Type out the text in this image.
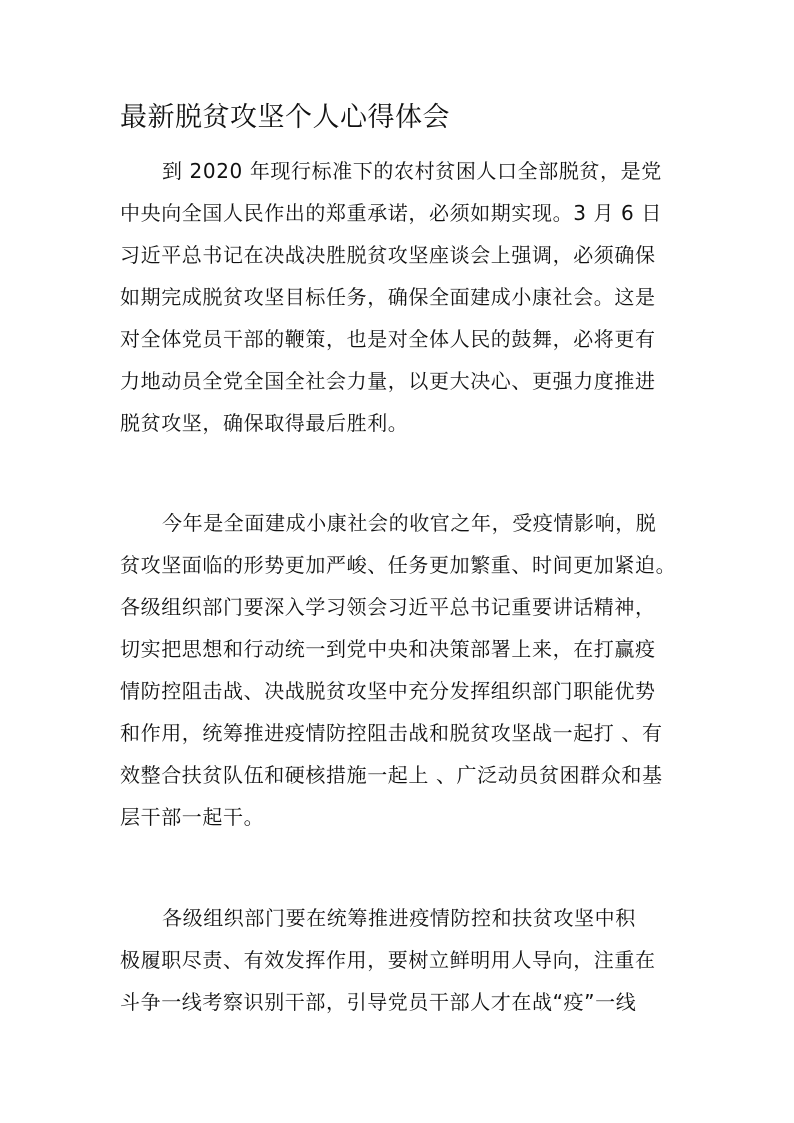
最新脱贫攻坚个人心得体会
到 2020 年现行标准下的农村贫困人口全部脱贫，是党
中央向全国人民作出的郑重承诺，必须如期实现。3 月 6 日
习近平总书记在决战决胜脱贫攻坚座谈会上强调，必须确保
如期完成脱贫攻坚目标任务，确保全面建成小康社会。这是
对全体党员干部的鞭策，也是对全体人民的鼓舞，必将更有
力地动员全党全国全社会力量，以更大决心、更强力度推进
脱贫攻坚，确保取得最后胜利。
今年是全面建成小康社会的收官之年，受疫情影响，脱
贫攻坚面临的形势更加严峻、任务更加繁重、时间更加紧迫。
各级组织部门要深入学习领会习近平总书记重要讲话精神，
切实把思想和行动统一到党中央和决策部署上来，在打赢疫
情防控阻击战、决战脱贫攻坚中充分发挥组织部门职能优势
和作用，统筹推进疫情防控阻击战和脱贫攻坚战一起打 、有
效整合扶贫队伍和硬核措施一起上 、广泛动员贫困群众和基
层干部一起干。
各级组织部门要在统筹推进疫情防控和扶贫攻坚中积
极履职尽责、有效发挥作用，要树立鲜明用人导向，注重在
斗争一线考察识别干部，引导党员干部人才在战“疫”一线
